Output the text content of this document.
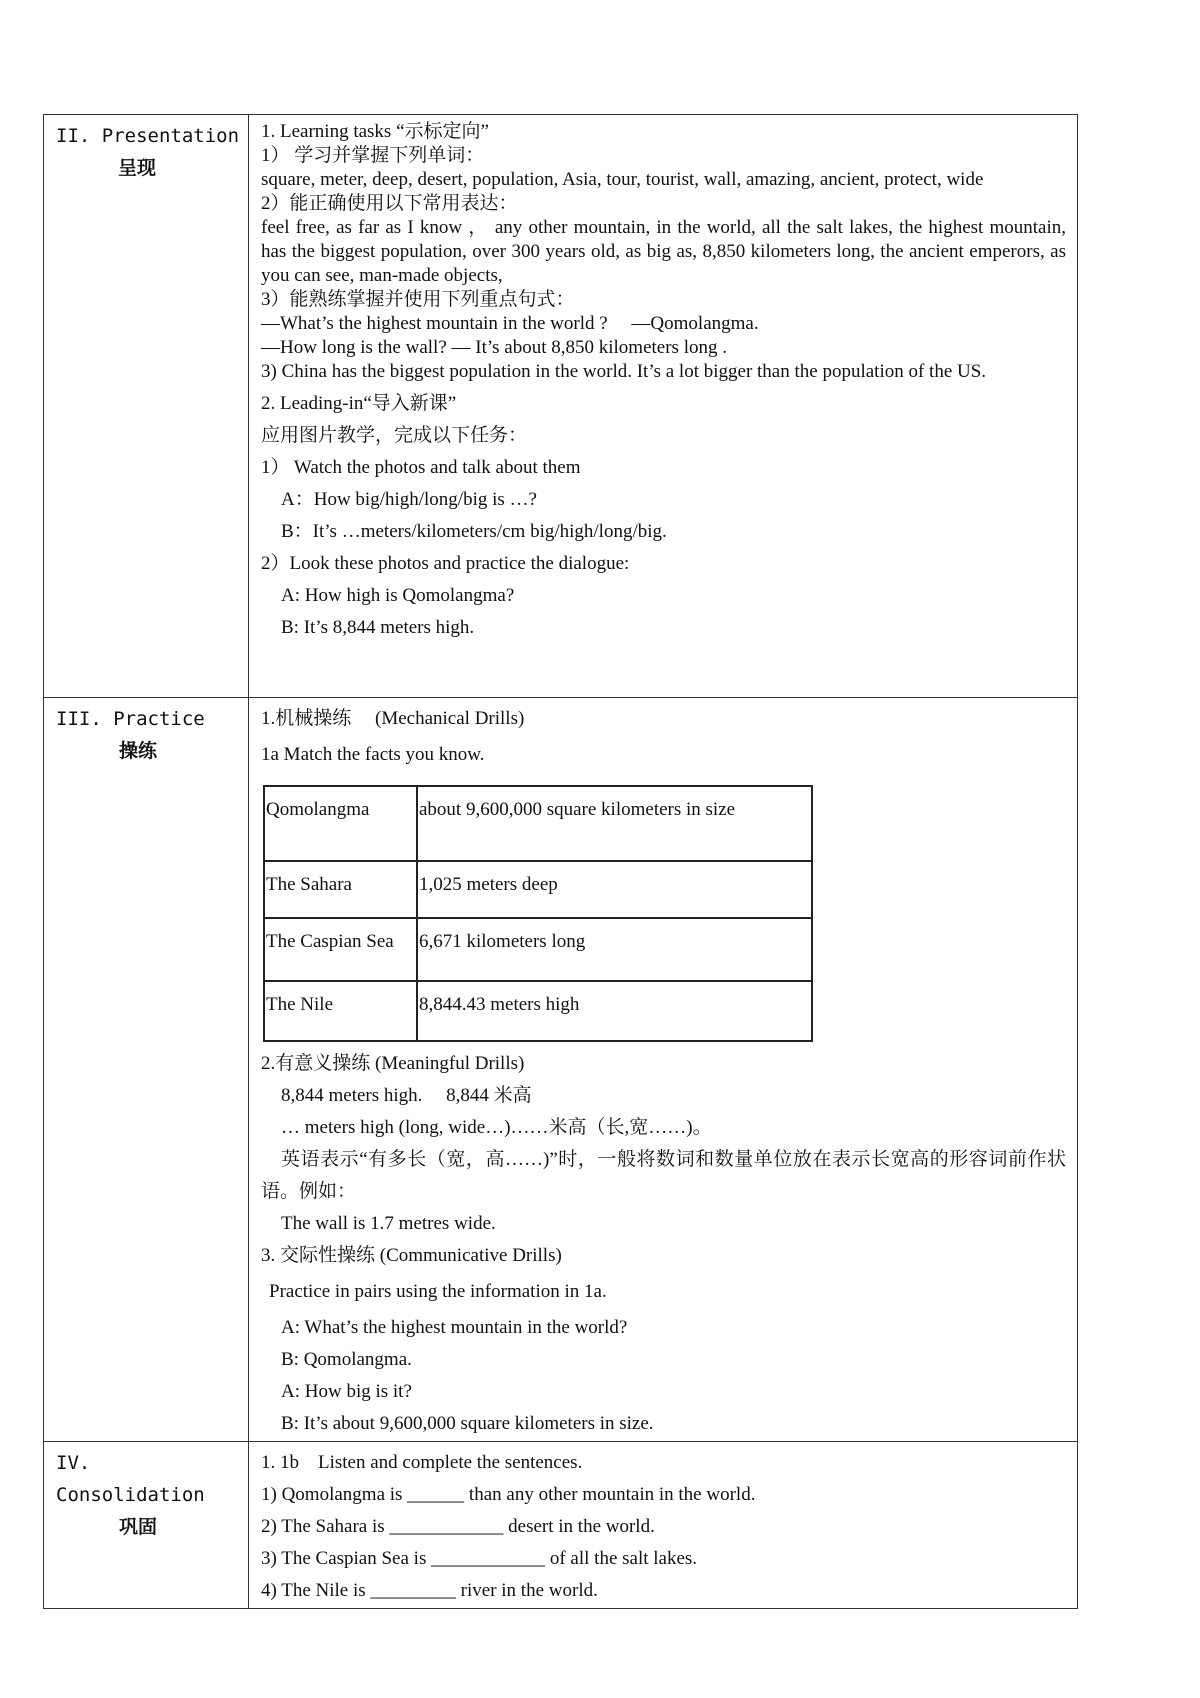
II. Presentation
呈现

1. Learning tasks “示标定向”

1） 学习并掌握下列单词：

square, meter, deep, desert, population, Asia, tour, tourist, wall, amazing, ancient, protect, wide

2）能正确使用以下常用表达：

feel free, as far as I know ， any other mountain, in the world, all the salt lakes, the highest mountain, has the biggest population, over 300 years old, as big as, 8,850 kilometers long, the ancient emperors, as you can see, man-made objects,

3）能熟练掌握并使用下列重点句式：

—What’s the highest mountain in the world ?　 —Qomolangma.

—How long is the wall? — It’s about 8,850 kilometers long .

3) China has the biggest population in the world. It’s a lot bigger than the population of the US.

2. Leading-in“导入新课”

应用图片教学，完成以下任务：

1） Watch the photos and talk about them

A：How big/high/long/big is …?

B：It’s …meters/kilometers/cm big/high/long/big.

2）Look these photos and practice the dialogue:

A: How high is Qomolangma?

B: It’s 8,844 meters high.

III. Practice
操练

1.机械操练　 (Mechanical Drills)

1a Match the facts you know.

Qomolangma	about 9,600,000 square kilometers in size
The Sahara	1,025 meters deep
The Caspian Sea	6,671 kilometers long
The Nile	8,844.43 meters high

2.有意义操练 (Meaningful Drills)

8,844 meters high.　 8,844 米高

… meters high (long, wide…)……米高（长,宽……)。

英语表示“有多长（宽，高……)”时，一般将数词和数量单位放在表示长宽高的形容词前作状语。例如：

The wall is 1.7 metres wide.

3. 交际性操练 (Communicative Drills)

Practice in pairs using the information in 1a.

A: What’s the highest mountain in the world?

B: Qomolangma.

A: How big is it?

B: It’s about 9,600,000 square kilometers in size.

IV. Consolidation
巩固

1. 1b　Listen and complete the sentences.

1) Qomolangma is ______ than any other mountain in the world.

2) The Sahara is ____________ desert in the world.

3) The Caspian Sea is ____________ of all the salt lakes.

4) The Nile is _________ river in the world.
